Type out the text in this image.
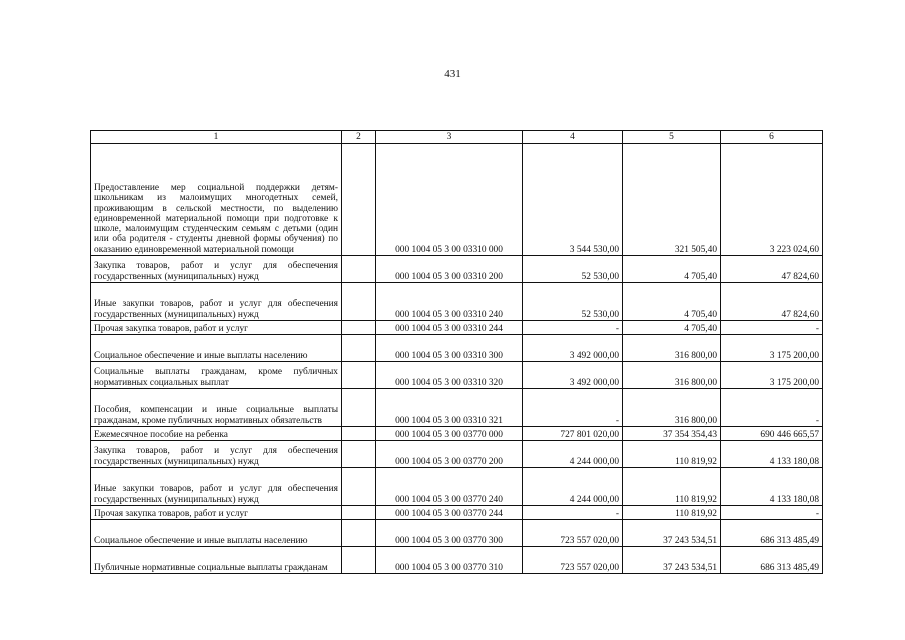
431
1	2	3	4	5	6
Предоставление мер социальной поддержки детям-школьникам из малоимущих многодетных семей, проживающим в сельской местности, по выделению единовременной материальной помощи при подготовке к школе, малоимущим студенческим семьям с детьми (один или оба родителя - студенты дневной формы обучения) по оказанию единовременной материальной помощи		000 1004 05 3 00 03310 000	3 544 530,00	321 505,40	3 223 024,60
Закупка товаров, работ и услуг для обеспечения государственных (муниципальных) нужд		000 1004 05 3 00 03310 200	52 530,00	4 705,40	47 824,60
Иные закупки товаров, работ и услуг для обеспечения государственных (муниципальных) нужд		000 1004 05 3 00 03310 240	52 530,00	4 705,40	47 824,60
Прочая закупка товаров, работ и услуг		000 1004 05 3 00 03310 244	-	4 705,40	-
Социальное обеспечение и иные выплаты населению		000 1004 05 3 00 03310 300	3 492 000,00	316 800,00	3 175 200,00
Социальные выплаты гражданам, кроме публичных нормативных социальных выплат		000 1004 05 3 00 03310 320	3 492 000,00	316 800,00	3 175 200,00
Пособия, компенсации и иные социальные выплаты гражданам, кроме публичных нормативных обязательств		000 1004 05 3 00 03310 321	-	316 800,00	-
Ежемесячное пособие на ребенка		000 1004 05 3 00 03770 000	727 801 020,00	37 354 354,43	690 446 665,57
Закупка товаров, работ и услуг для обеспечения государственных (муниципальных) нужд		000 1004 05 3 00 03770 200	4 244 000,00	110 819,92	4 133 180,08
Иные закупки товаров, работ и услуг для обеспечения государственных (муниципальных) нужд		000 1004 05 3 00 03770 240	4 244 000,00	110 819,92	4 133 180,08
Прочая закупка товаров, работ и услуг		000 1004 05 3 00 03770 244	-	110 819,92	-
Социальное обеспечение и иные выплаты населению		000 1004 05 3 00 03770 300	723 557 020,00	37 243 534,51	686 313 485,49
Публичные нормативные социальные выплаты гражданам		000 1004 05 3 00 03770 310	723 557 020,00	37 243 534,51	686 313 485,49
